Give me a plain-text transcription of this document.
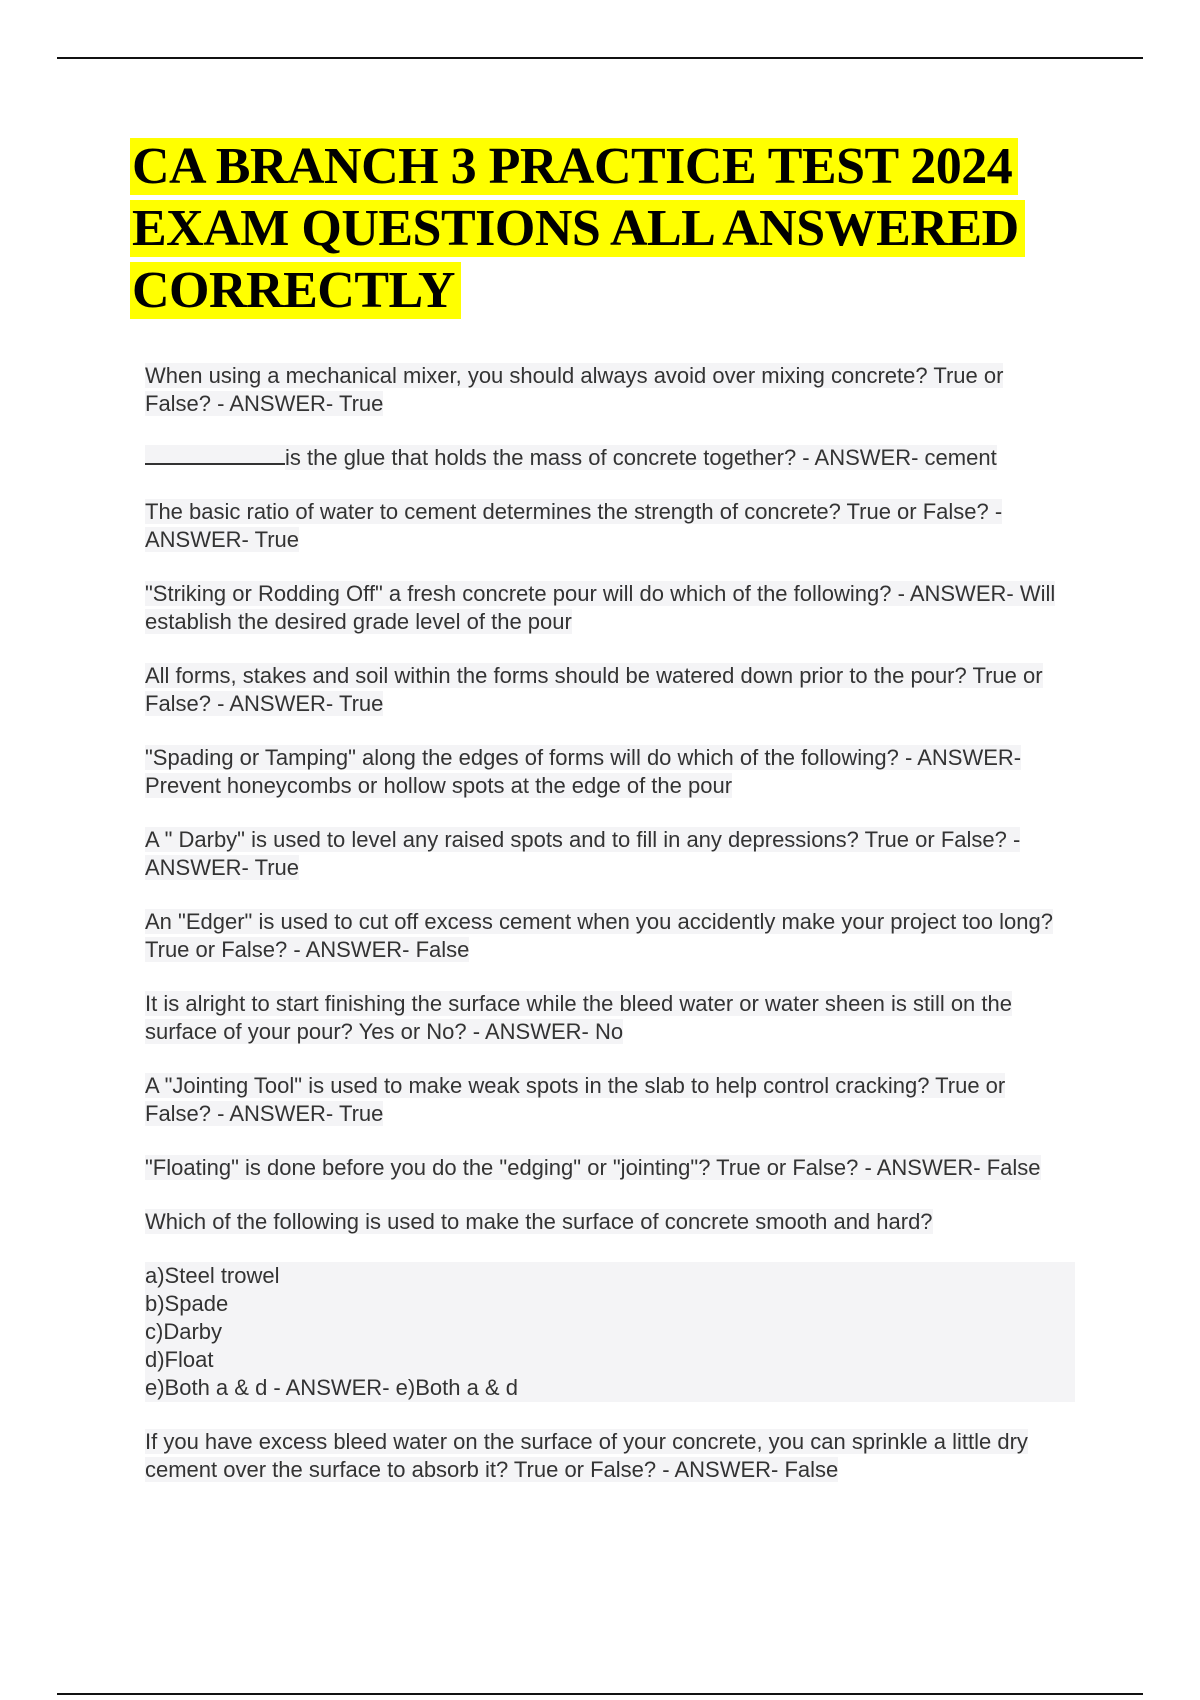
CA BRANCH 3 PRACTICE TEST 2024 EXAM QUESTIONS ALL ANSWERED CORRECTLY

When using a mechanical mixer, you should always avoid over mixing concrete? True or False? - ANSWER- True

is the glue that holds the mass of concrete together? - ANSWER- cement

The basic ratio of water to cement determines the strength of concrete? True or False? - ANSWER- True

"Striking or Rodding Off" a fresh concrete pour will do which of the following? - ANSWER- Will establish the desired grade level of the pour

All forms, stakes and soil within the forms should be watered down prior to the pour? True or False? - ANSWER- True

"Spading or Tamping" along the edges of forms will do which of the following? - ANSWER- Prevent honeycombs or hollow spots at the edge of the pour

A " Darby" is used to level any raised spots and to fill in any depressions? True or False? - ANSWER- True

An "Edger" is used to cut off excess cement when you accidently make your project too long? True or False? - ANSWER- False

It is alright to start finishing the surface while the bleed water or water sheen is still on the surface of your pour? Yes or No? - ANSWER- No

A "Jointing Tool" is used to make weak spots in the slab to help control cracking? True or False? - ANSWER- True

"Floating" is done before you do the "edging" or "jointing"? True or False? - ANSWER- False

Which of the following is used to make the surface of concrete smooth and hard?

a)Steel trowel
b)Spade
c)Darby
d)Float
e)Both a & d - ANSWER- e)Both a & d

If you have excess bleed water on the surface of your concrete, you can sprinkle a little dry cement over the surface to absorb it? True or False? - ANSWER- False
